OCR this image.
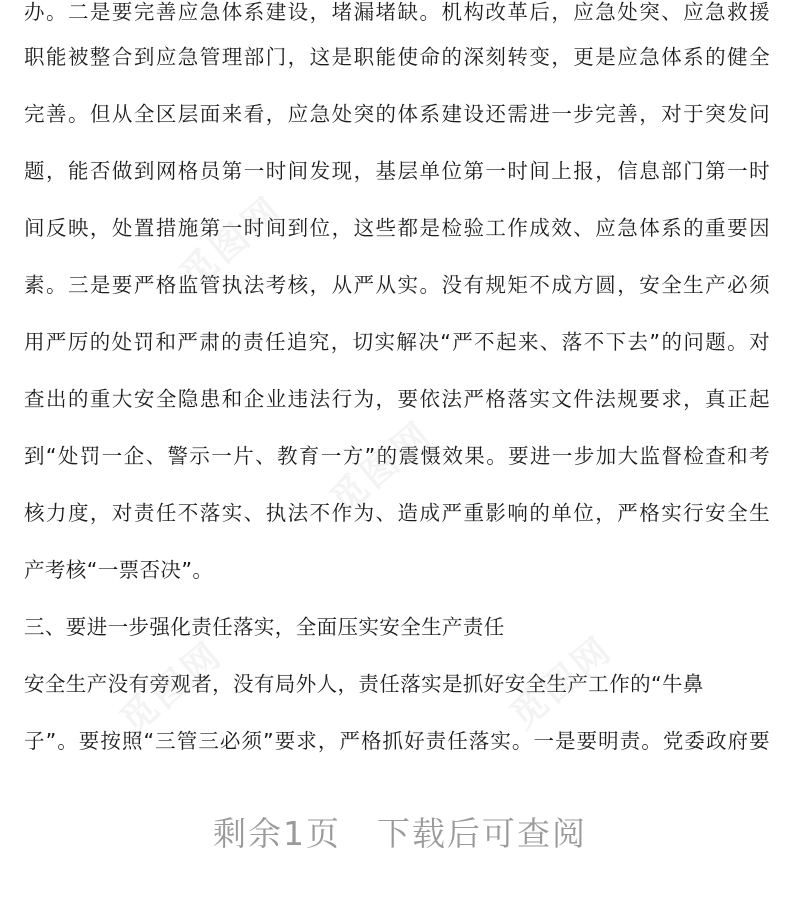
办。二是要完善应急体系建设，堵漏堵缺。机构改革后，应急处突、应急救援
职能被整合到应急管理部门，这是职能使命的深刻转变，更是应急体系的健全
完善。但从全区层面来看，应急处突的体系建设还需进一步完善，对于突发问
题，能否做到网格员第一时间发现，基层单位第一时间上报，信息部门第一时
间反映，处置措施第一时间到位，这些都是检验工作成效、应急体系的重要因
素。三是要严格监管执法考核，从严从实。没有规矩不成方圆，安全生产必须
用严厉的处罚和严肃的责任追究，切实解决“严不起来、落不下去”的问题。对
查出的重大安全隐患和企业违法行为，要依法严格落实文件法规要求，真正起
到“处罚一企、警示一片、教育一方”的震慑效果。要进一步加大监督检查和考
核力度，对责任不落实、执法不作为、造成严重影响的单位，严格实行安全生
产考核“一票否决”。
三、要进一步强化责任落实，全面压实安全生产责任
安全生产没有旁观者，没有局外人，责任落实是抓好安全生产工作的“牛鼻
子”。要按照“三管三必须”要求，严格抓好责任落实。一是要明责。党委政府要
觅图网
觅图网
觅图网	觅图网
剩余1页 下载后可查阅
